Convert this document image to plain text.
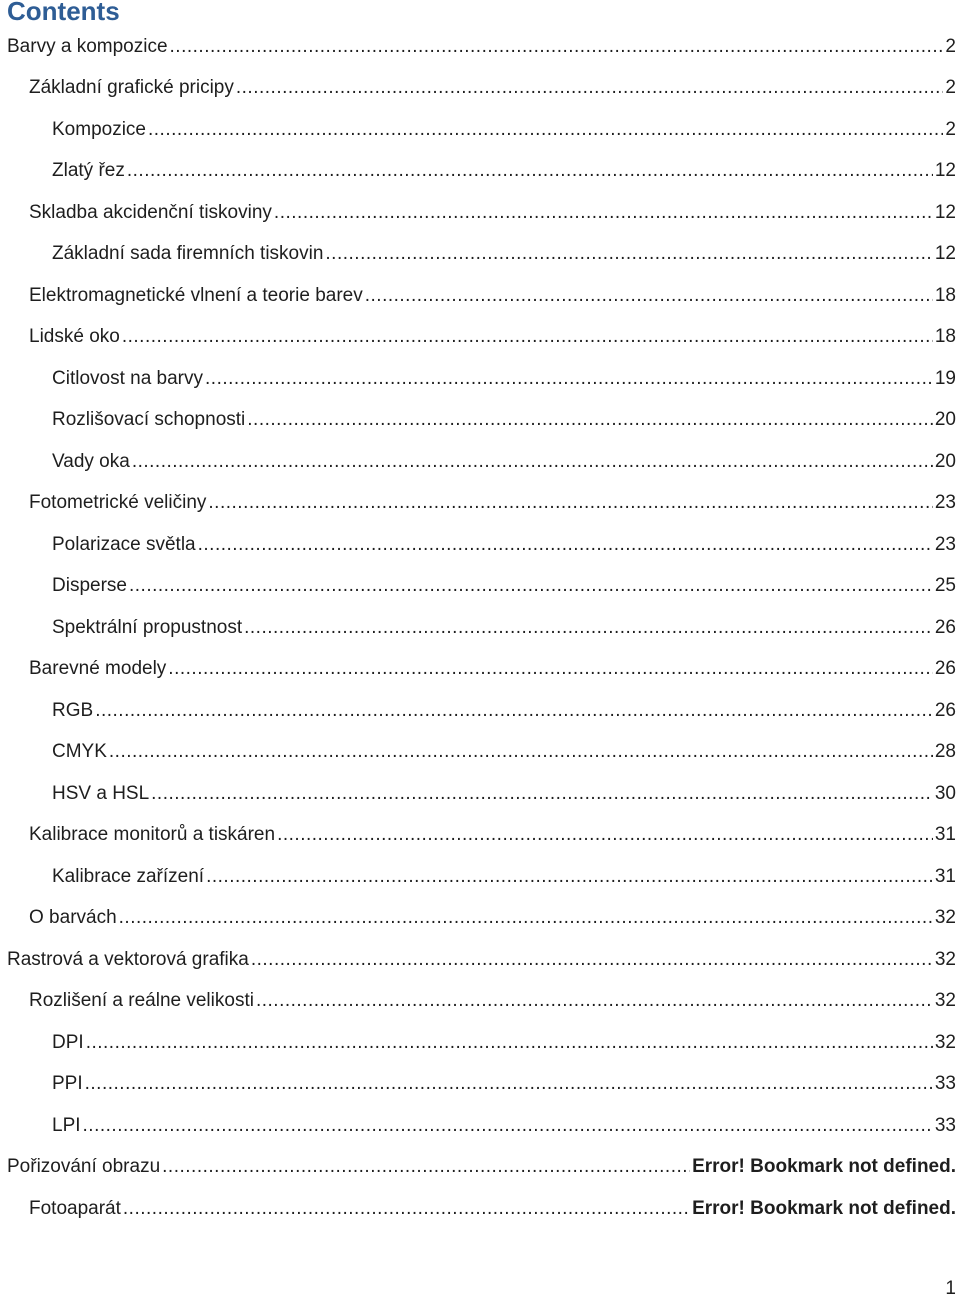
Contents
Barvy a kompozice .....	2
Základní grafické pricipy .....	2
Kompozice .....	2
Zlatý řez .....	12
Skladba akcidenční tiskoviny .....	12
Základní sada firemních tiskovin .....	12
Elektromagnetické vlnení a teorie barev .....	18
Lidské oko .....	18
Citlovost na barvy .....	19
Rozlišovací schopnosti .....	20
Vady oka .....	20
Fotometrické veličiny .....	23
Polarizace světla .....	23
Disperse .....	25
Spektrální propustnost .....	26
Barevné modely .....	26
RGB .....	26
CMYK .....	28
HSV a HSL .....	30
Kalibrace monitorů a tiskáren .....	31
Kalibrace zařízení .....	31
O barvách .....	32
Rastrová a vektorová grafika .....	32
Rozlišení a reálne velikosti .....	32
DPI .....	32
PPI .....	33
LPI .....	33
Pořizování obrazu .....	Error! Bookmark not defined.
Fotoaparát .....	Error! Bookmark not defined.
1
